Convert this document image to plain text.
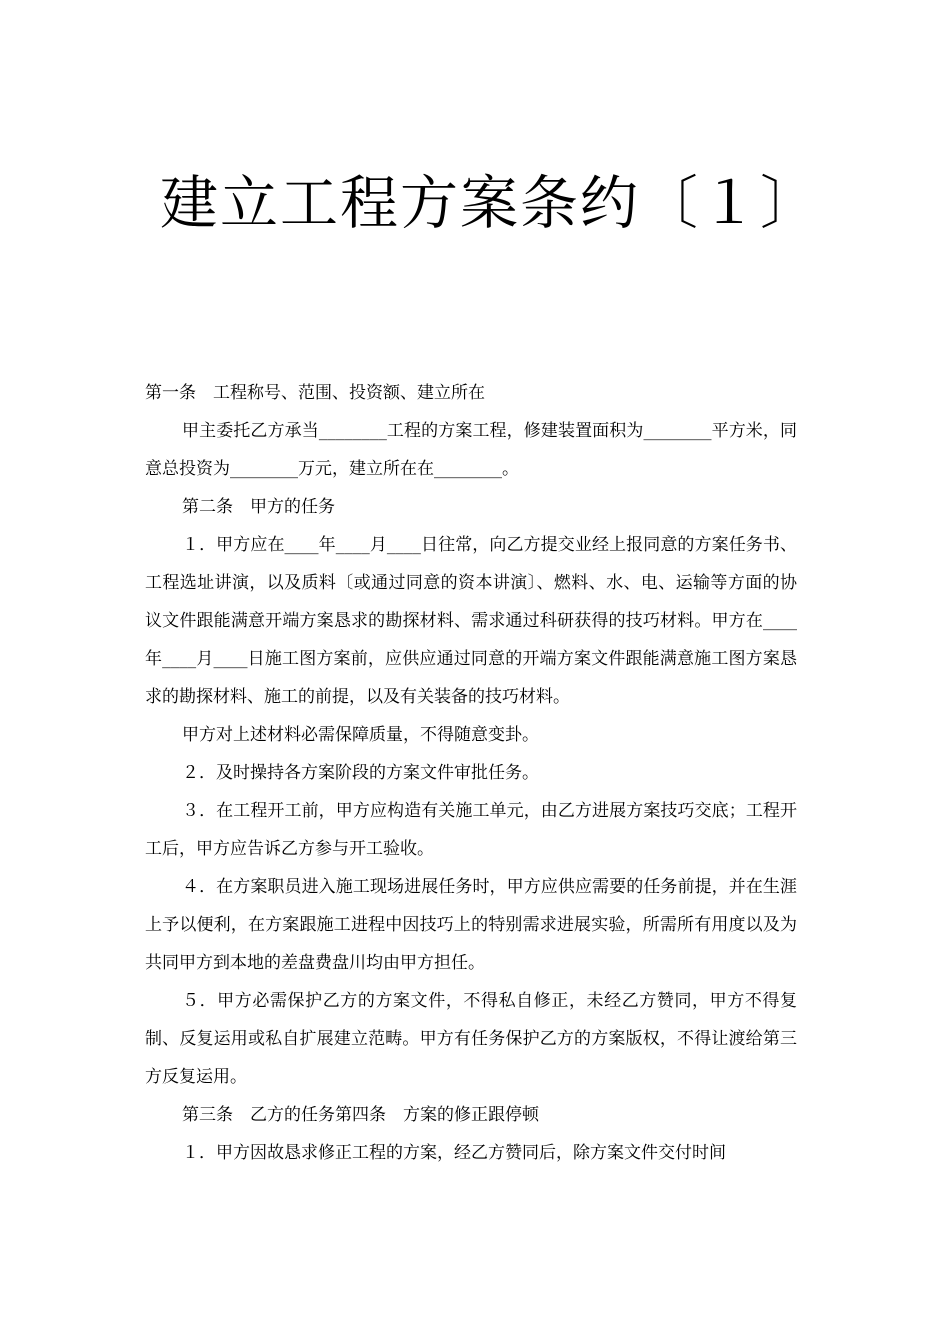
建立工程方案条约〔１〕

第一条　工程称号、范围、投资额、建立所在

甲主委托乙方承当________工程的方案工程，修建装置面积为________平方米，同意总投资为________万元，建立所在在________。

第二条　甲方的任务

１．甲方应在____年____月____日往常，向乙方提交业经上报同意的方案任务书、工程选址讲演，以及质料〔或通过同意的资本讲演〕、燃料、水、电、运输等方面的协议文件跟能满意开端方案恳求的勘探材料、需求通过科研获得的技巧材料。甲方在____年____月____日施工图方案前，应供应通过同意的开端方案文件跟能满意施工图方案恳求的勘探材料、施工的前提，以及有关装备的技巧材料。

甲方对上述材料必需保障质量，不得随意变卦。

２．及时操持各方案阶段的方案文件审批任务。

３．在工程开工前，甲方应构造有关施工单元，由乙方进展方案技巧交底；工程开工后，甲方应告诉乙方参与开工验收。

４．在方案职员进入施工现场进展任务时，甲方应供应需要的任务前提，并在生涯上予以便利，在方案跟施工进程中因技巧上的特别需求进展实验，所需所有用度以及为共同甲方到本地的差盘费盘川均由甲方担任。

５．甲方必需保护乙方的方案文件，不得私自修正，未经乙方赞同，甲方不得复制、反复运用或私自扩展建立范畴。甲方有任务保护乙方的方案版权，不得让渡给第三方反复运用。

第三条　乙方的任务第四条　方案的修正跟停顿

１．甲方因故恳求修正工程的方案，经乙方赞同后，除方案文件交付时间
